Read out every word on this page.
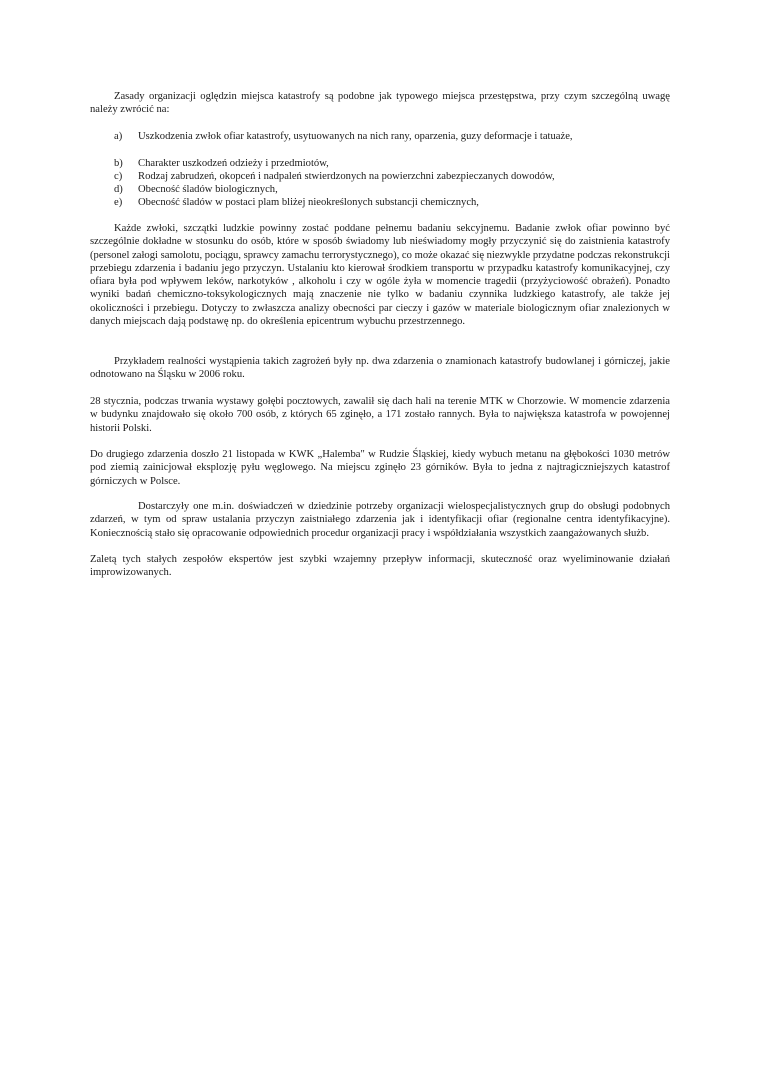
Zasady organizacji oględzin miejsca katastrofy są podobne jak typowego miejsca przestępstwa, przy czym szczególną uwagę należy zwrócić na:

a) Uszkodzenia zwłok ofiar katastrofy, usytuowanych na nich rany, oparzenia, guzy deformacje i tatuaże,
b) Charakter uszkodzeń odzieży i przedmiotów,
c) Rodzaj zabrudzeń, okopceń i nadpaleń stwierdzonych na powierzchni zabezpieczanych dowodów,
d) Obecność śladów biologicznych,
e) Obecność śladów w postaci plam bliżej nieokreślonych substancji chemicznych,

Każde zwłoki, szczątki ludzkie powinny zostać poddane pełnemu badaniu sekcyjnemu. Badanie zwłok ofiar powinno być szczególnie dokładne w stosunku do osób, które w sposób świadomy lub nieświadomy mogły przyczynić się do zaistnienia katastrofy (personel załogi samolotu, pociągu, sprawcy zamachu terrorystycznego), co może okazać się niezwykle przydatne podczas rekonstrukcji przebiegu zdarzenia i badaniu jego przyczyn. Ustalaniu kto kierował środkiem transportu w przypadku katastrofy komunikacyjnej, czy ofiara była pod wpływem leków, narkotyków , alkoholu i czy w ogóle żyła w momencie tragedii (przyżyciowość obrażeń). Ponadto wyniki badań chemiczno-toksykologicznych mają znaczenie nie tylko w badaniu czynnika ludzkiego katastrofy, ale także jej okoliczności i przebiegu. Dotyczy to zwłaszcza analizy obecności par cieczy i gazów w materiale biologicznym ofiar znalezionych w danych miejscach dają podstawę np. do określenia epicentrum wybuchu przestrzennego.

Przykładem realności wystąpienia takich zagrożeń były np. dwa zdarzenia o znamionach katastrofy budowlanej i górniczej, jakie odnotowano na Śląsku w 2006 roku.

28 stycznia, podczas trwania wystawy gołębi pocztowych, zawalił się dach hali na terenie MTK w Chorzowie. W momencie zdarzenia w budynku znajdowało się około 700 osób, z których 65 zginęło, a 171 zostało rannych. Była to największa katastrofa w powojennej historii Polski.

Do drugiego zdarzenia doszło 21 listopada w KWK „Halemba" w Rudzie Śląskiej, kiedy wybuch metanu na głębokości 1030 metrów pod ziemią zainicjował eksplozję pyłu węglowego. Na miejscu zginęło 23 górników. Była to jedna z najtragiczniejszych katastrof górniczych w Polsce.

Dostarczyły one m.in. doświadczeń w dziedzinie potrzeby organizacji wielospecjalistycznych grup do obsługi podobnych zdarzeń, w tym od spraw ustalania przyczyn zaistniałego zdarzenia jak i identyfikacji ofiar (regionalne centra identyfikacyjne). Koniecznością stało się opracowanie odpowiednich procedur organizacji pracy i współdziałania wszystkich zaangażowanych służb.

Zaletą tych stałych zespołów ekspertów jest szybki wzajemny przepływ informacji, skuteczność oraz wyeliminowanie działań improwizowanych.
